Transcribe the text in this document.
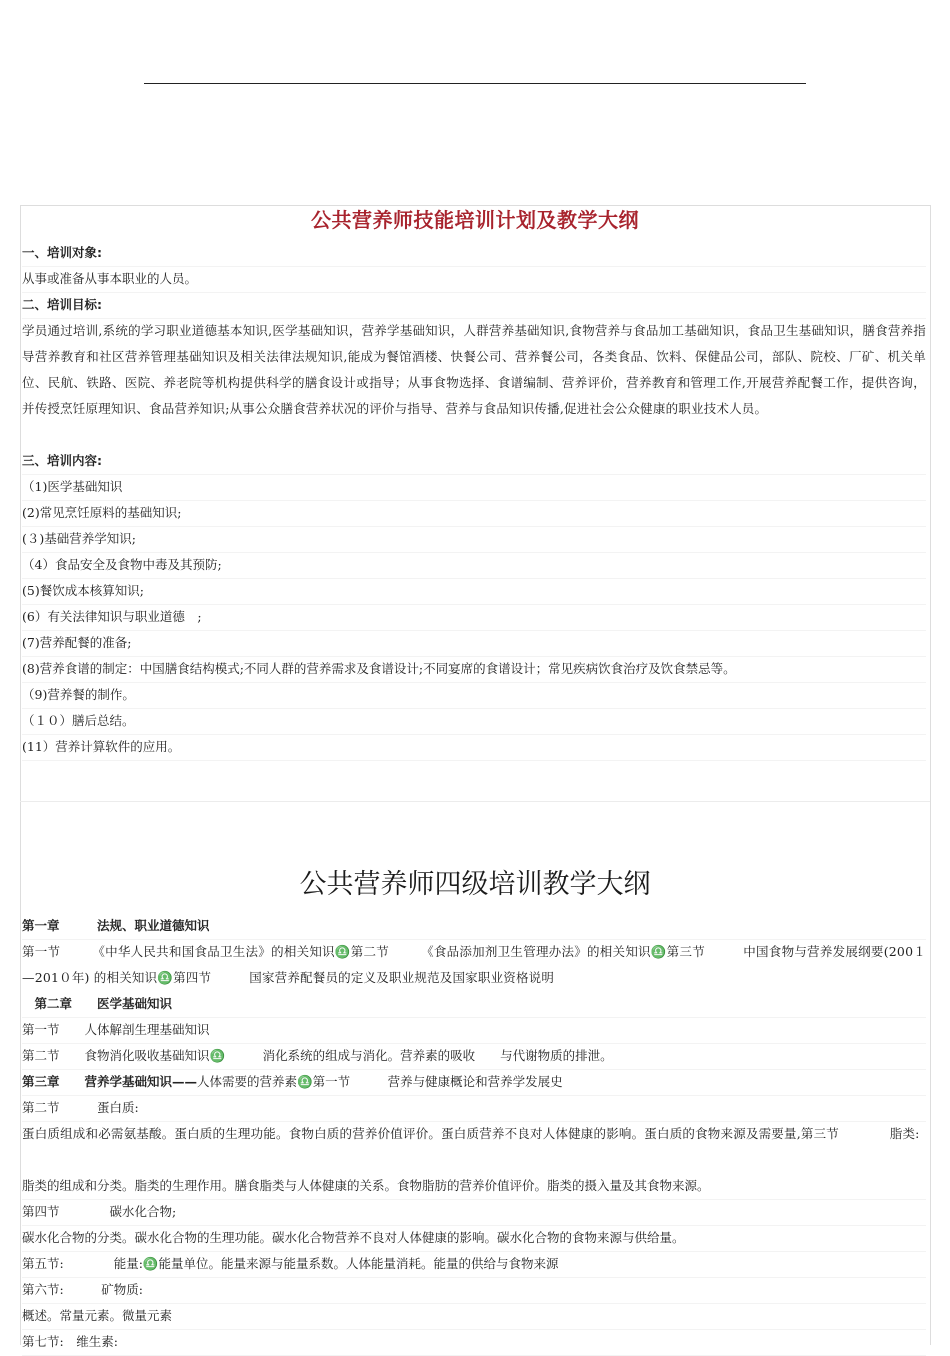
公共营养师技能培训计划及教学大纲
一、培训对象:
从事或准备从事本职业的人员。
二、培训目标:
学员通过培训,系统的学习职业道德基本知识,医学基础知识，营养学基础知识，人群营养基础知识,食物营养与食品加工基础知识，食品卫生基础知识，膳食营养指导营养教育和社区营养管理基础知识及相关法律法规知识,能成为餐馆酒楼、快餐公司、营养餐公司，各类食品、饮料、保健品公司，部队、院校、厂矿、机关单位、民航、铁路、医院、养老院等机构提供科学的膳食设计或指导；从事食物选择、食谱编制、营养评价，营养教育和管理工作,开展营养配餐工作，提供咨询，并传授烹饪原理知识、食品营养知识;从事公众膳食营养状况的评价与指导、营养与食品知识传播,促进社会公众健康的职业技术人员。
三、培训内容:
（1)医学基础知识
(2)常见烹饪原料的基础知识;
(３)基础营养学知识;
（4）食品安全及食物中毒及其预防;
(5)餐饮成本核算知识;
(6）有关法律知识与职业道德　;
(7)营养配餐的准备;
(8)营养食谱的制定：中国膳食结构模式;不同人群的营养需求及食谱设计;不同宴席的食谱设计；常见疾病饮食治疗及饮食禁忌等。
（9)营养餐的制作。
（１０）膳后总结。
(11）营养计算软件的应用。
公共营养师四级培训教学大纲
第一章　　　法规、职业道德知识
第一节　　　《中华人民共和国食品卫生法》的相关知识♎第二节　　　《食品添加剂卫生管理办法》的相关知识♎第三节　　　中国食物与营养发展纲要(200１—201０年) 的相关知识♎第四节　　　国家营养配餐员的定义及职业规范及国家职业资格说明
　第二章　　医学基础知识
第一节　　人体解剖生理基础知识
第二节　　食物消化吸收基础知识♎　　　消化系统的组成与消化。营养素的吸收　　与代谢物质的排泄。
第三章　　营养学基础知识——人体需要的营养素♎第一节　　　营养与健康概论和营养学发展史
第二节　　　蛋白质:
蛋白质组成和必需氨基酸。蛋白质的生理功能。食物白质的营养价值评价。蛋白质营养不良对人体健康的影响。蛋白质的食物来源及需要量,第三节　　　　脂类:
脂类的组成和分类。脂类的生理作用。膳食脂类与人体健康的关系。食物脂肪的营养价值评价。脂类的摄入量及其食物来源。
第四节　　　　碳水化合物;
碳水化合物的分类。碳水化合物的生理功能。碳水化合物营养不良对人体健康的影响。碳水化合物的食物来源与供给量。
第五节:　　　　能量:♎能量单位。能量来源与能量系数。人体能量消耗。能量的供给与食物来源
第六节:　　　矿物质:
概述。常量元素。微量元素
第七节:　维生素:
